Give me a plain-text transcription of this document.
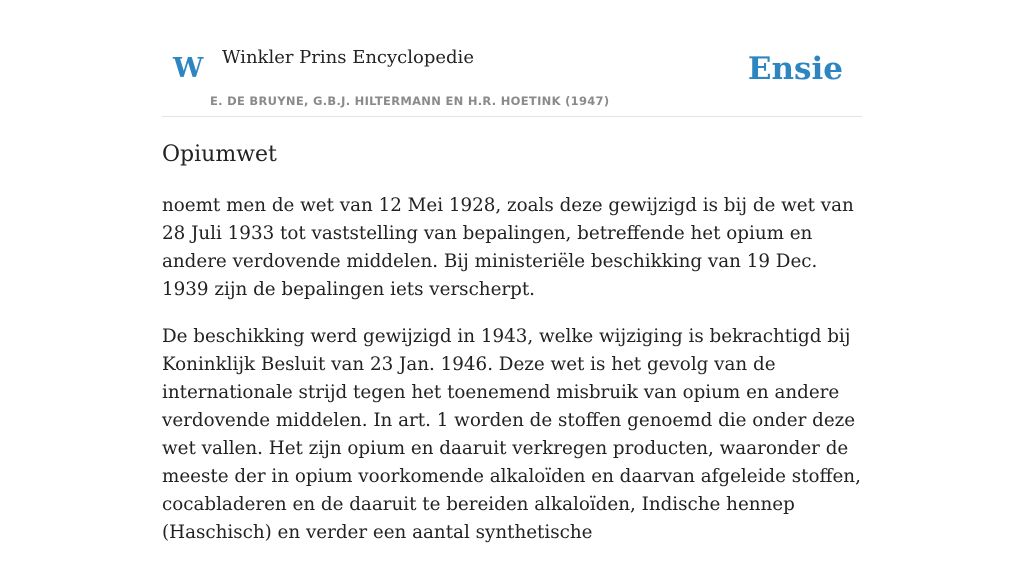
W Winkler Prins Encyclopedie
E. DE BRUYNE, G.B.J. HILTERMANN EN H.R. HOETINK (1947)
Ensie
Opiumwet

noemt men de wet van 12 Mei 1928, zoals deze gewijzigd is bij de wet van 28 Juli 1933 tot vaststelling van bepalingen, betreffende het opium en andere verdovende middelen. Bij ministeriële beschikking van 19 Dec. 1939 zijn de bepalingen iets verscherpt.

De beschikking werd gewijzigd in 1943, welke wijziging is bekrachtigd bij Koninklijk Besluit van 23 Jan. 1946. Deze wet is het gevolg van de internationale strijd tegen het toenemend misbruik van opium en andere verdovende middelen. In art. 1 worden de stoffen genoemd die onder deze wet vallen. Het zijn opium en daaruit verkregen producten, waaronder de meeste der in opium voorkomende alkaloïden en daarvan afgeleide stoffen, cocabladeren en de daaruit te bereiden alkaloïden, Indische hennep (Haschisch) en verder een aantal synthetische
